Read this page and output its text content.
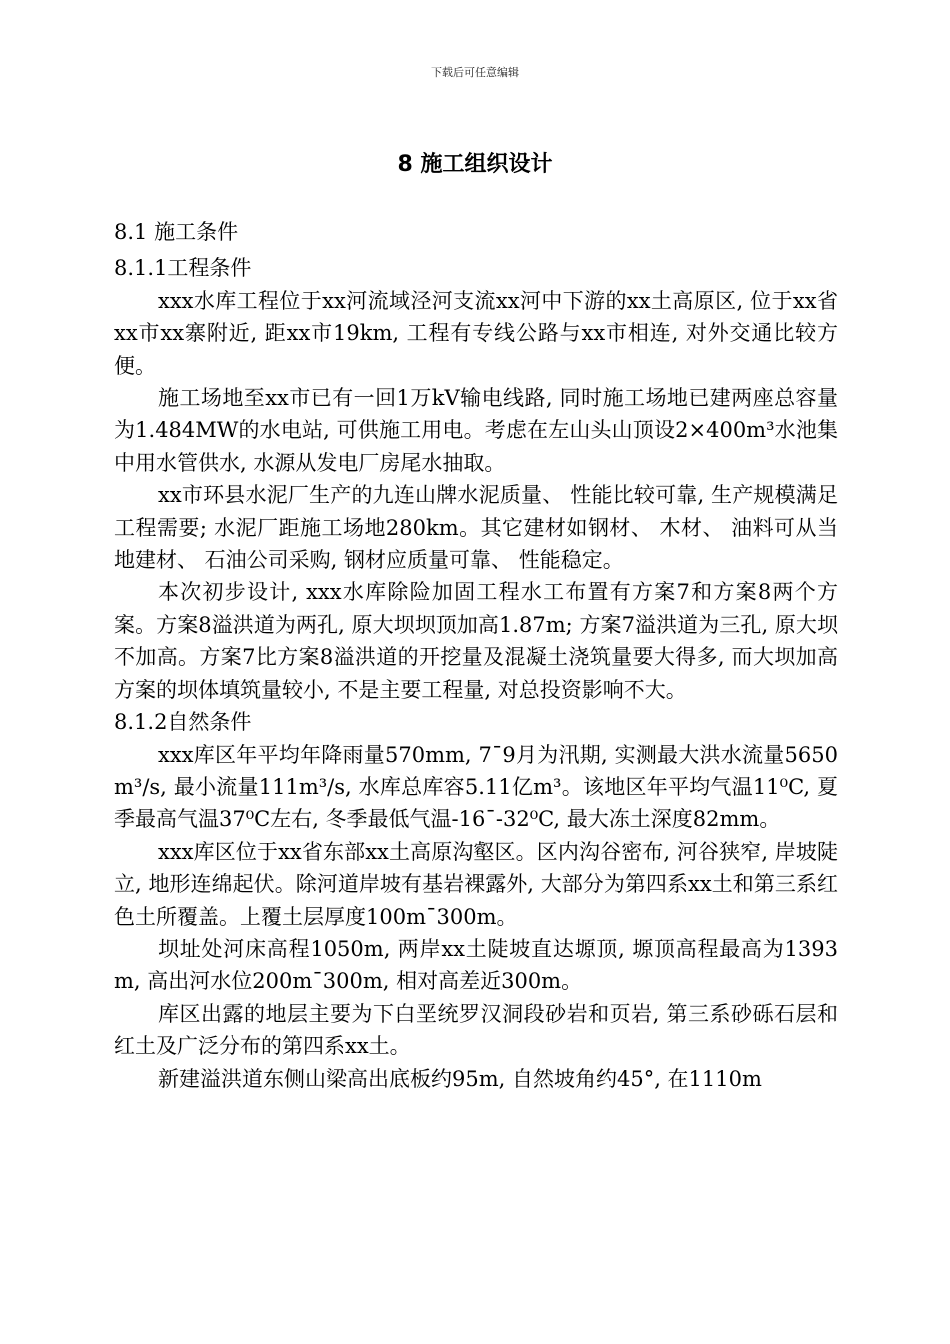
下载后可任意编辑
8 施工组织设计

8.1 施工条件

8.1.1工程条件

xxx水库工程位于xx河流域泾河支流xx河中下游的xx土高原区, 位于xx省xx市xx寨附近, 距xx市19km, 工程有专线公路与xx市相连, 对外交通比较方便。

施工场地至xx市已有一回1万kV输电线路, 同时施工场地已建两座总容量为1.484MW的水电站, 可供施工用电。考虑在左山头山顶设2×400m³水池集中用水管供水, 水源从发电厂房尾水抽取。

xx市环县水泥厂生产的九连山牌水泥质量、 性能比较可靠, 生产规模满足工程需要; 水泥厂距施工场地280km。其它建材如钢材、 木材、 油料可从当地建材、 石油公司采购, 钢材应质量可靠、 性能稳定。

本次初步设计, xxx水库除险加固工程水工布置有方案7和方案8两个方案。方案8溢洪道为两孔, 原大坝坝顶加高1.87m; 方案7溢洪道为三孔, 原大坝不加高。方案7比方案8溢洪道的开挖量及混凝土浇筑量要大得多, 而大坝加高方案的坝体填筑量较小, 不是主要工程量, 对总投资影响不大。

8.1.2自然条件

xxx库区年平均年降雨量570mm, 7¯9月为汛期, 实测最大洪水流量5650m³/s, 最小流量111m³/s, 水库总库容5.11亿m³。该地区年平均气温11⁰C, 夏季最高气温37⁰C左右, 冬季最低气温-16¯-32⁰C, 最大冻土深度82mm。

xxx库区位于xx省东部xx土高原沟壑区。区内沟谷密布, 河谷狭窄, 岸坡陡立, 地形连绵起伏。除河道岸坡有基岩裸露外, 大部分为第四系xx土和第三系红色土所覆盖。上覆土层厚度100m¯300m。

坝址处河床高程1050m, 两岸xx土陡坡直达塬顶, 塬顶高程最高为1393m, 高出河水位200m¯300m, 相对高差近300m。

库区出露的地层主要为下白垩统罗汉洞段砂岩和页岩, 第三系砂砾石层和红土及广泛分布的第四系xx土。

新建溢洪道东侧山梁高出底板约95m, 自然坡角约45°, 在1110m
